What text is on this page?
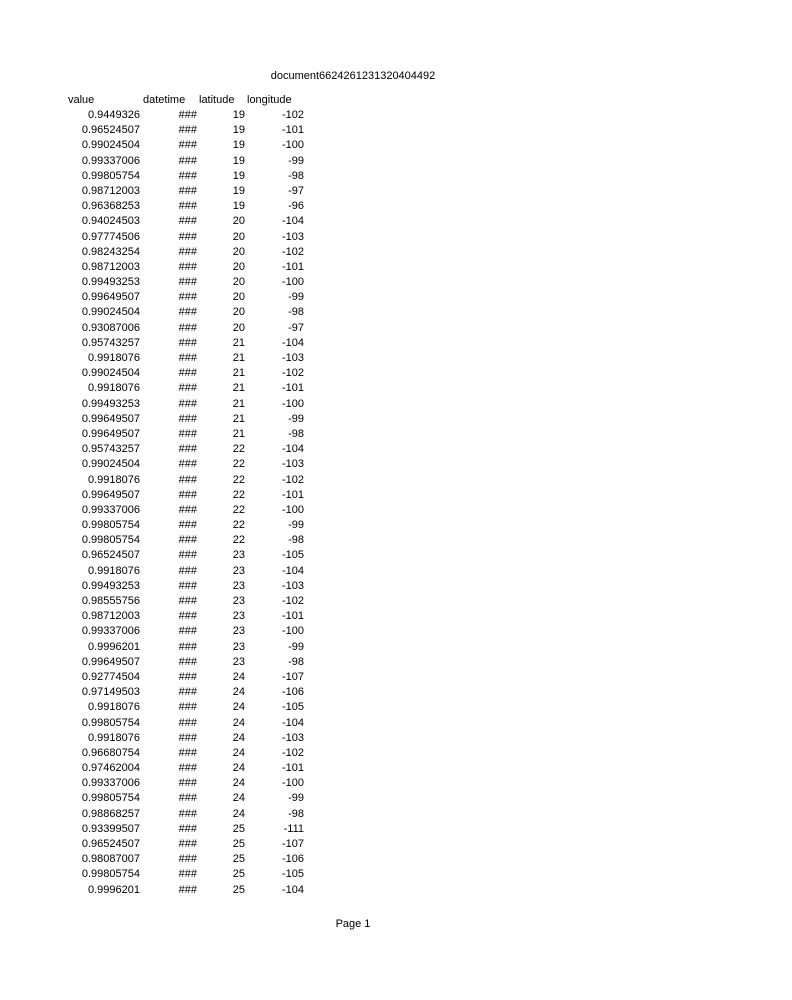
document6624261231320404492
value	datetime latitude longitude
0.9449326	###	19	-102
0.96524507	###	19	-101
0.99024504	###	19	-100
0.99337006	###	19	-99
0.99805754	###	19	-98
0.98712003	###	19	-97
0.96368253	###	19	-96
0.94024503	###	20	-104
0.97774506	###	20	-103
0.98243254	###	20	-102
0.98712003	###	20	-101
0.99493253	###	20	-100
0.99649507	###	20	-99
0.99024504	###	20	-98
0.93087006	###	20	-97
0.95743257	###	21	-104
0.9918076	###	21	-103
0.99024504	###	21	-102
0.9918076	###	21	-101
0.99493253	###	21	-100
0.99649507	###	21	-99
0.99649507	###	21	-98
0.95743257	###	22	-104
0.99024504	###	22	-103
0.9918076	###	22	-102
0.99649507	###	22	-101
0.99337006	###	22	-100
0.99805754	###	22	-99
0.99805754	###	22	-98
0.96524507	###	23	-105
0.9918076	###	23	-104
0.99493253	###	23	-103
0.98555756	###	23	-102
0.98712003	###	23	-101
0.99337006	###	23	-100
0.9996201	###	23	-99
0.99649507	###	23	-98
0.92774504	###	24	-107
0.97149503	###	24	-106
0.9918076	###	24	-105
0.99805754	###	24	-104
0.9918076	###	24	-103
0.96680754	###	24	-102
0.97462004	###	24	-101
0.99337006	###	24	-100
0.99805754	###	24	-99
0.98868257	###	24	-98
0.93399507	###	25	-111
0.96524507	###	25	-107
0.98087007	###	25	-106
0.99805754	###	25	-105
0.9996201	###	25	-104
Page 1
